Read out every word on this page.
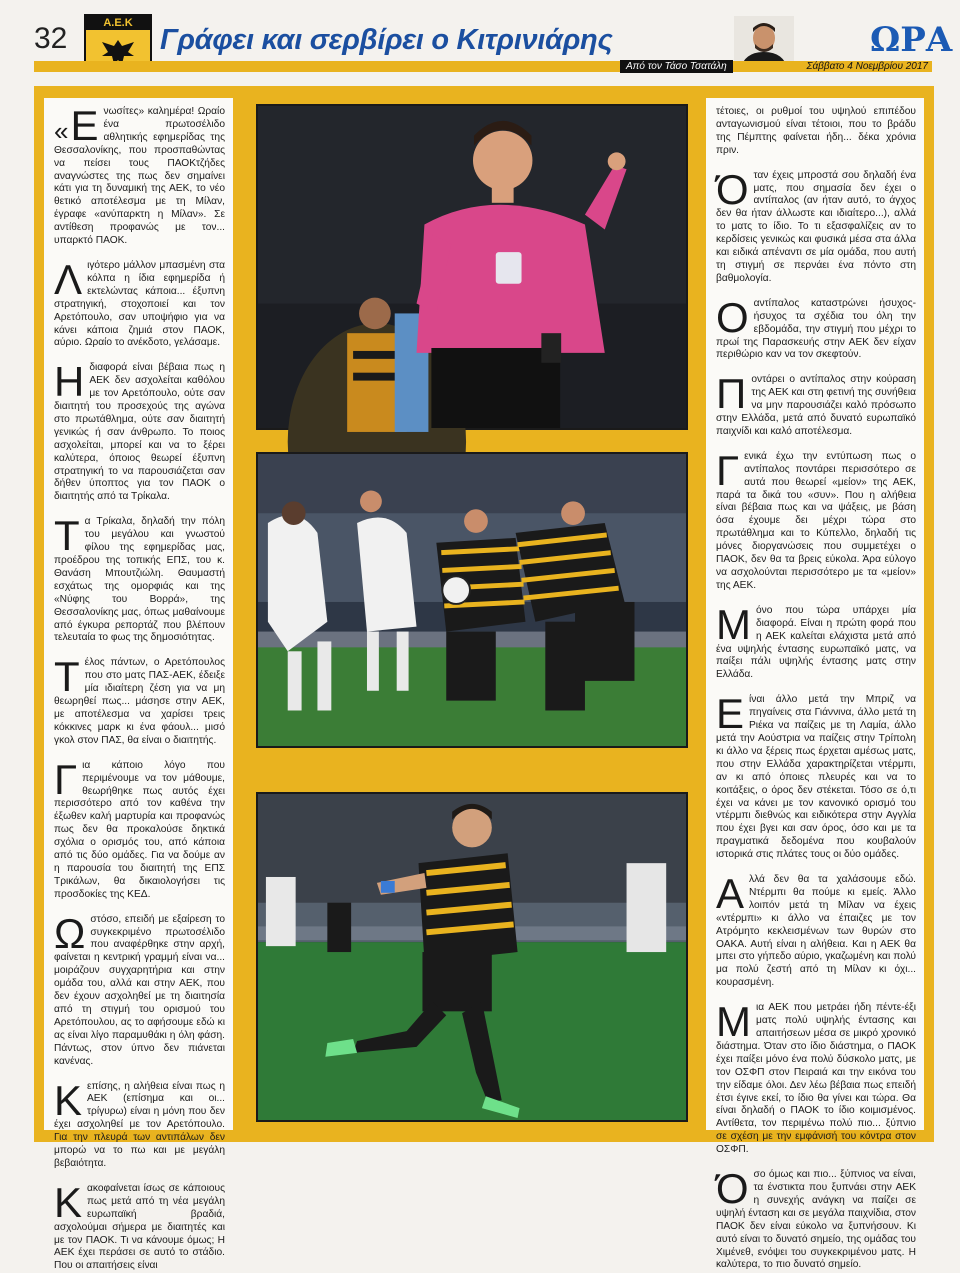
32	Α.Ε.Κ
Γράφει και σερβίρει ο Κιτρινιάρης	ΩΡΑ
Από τον Τάσο Τσατάλη	Σάββατο 4 Νοεμβρίου 2017

«Ε νωσίτες» καλημέρα! Ωραίο ένα πρωτοσέλιδο αθλητικής εφημερίδας της Θεσσαλονίκης, που προσπαθώντας να πείσει τους ΠΑΟΚτζήδες αναγνώστες της πως δεν σημαίνει κάτι για τη δυναμική της ΑΕΚ, το νέο θετικό αποτέλεσμα με τη Μίλαν, έγραφε «ανύπαρκτη η Μίλαν». Σε αντίθεση προφανώς με τον... υπαρκτό ΠΑΟΚ.

Λιγότερο μάλλον μπασμένη στα κόλπα η ίδια εφημερίδα ή εκτελώντας κάποια... έξυπνη στρατηγική, στοχοποιεί και τον Αρετόπουλο, σαν υποψήφιο για να κάνει κάποια ζημιά στον ΠΑΟΚ, αύριο. Ωραίο το ανέκδοτο, γελάσαμε.

Ηδιαφορά είναι βέβαια πως η ΑΕΚ δεν ασχολείται καθόλου με τον Αρετόπουλο, ούτε σαν διαιτητή του προσεχούς της αγώνα στο πρωτάθλημα, ούτε σαν διαιτητή γενικώς ή σαν άνθρωπο. Το ποιος ασχολείται, μπορεί και να το ξέρει καλύτερα, όποιος θεωρεί έξυπνη στρατηγική το να παρουσιάζεται σαν δήθεν ύποπτος για τον ΠΑΟΚ ο διαιτητής από τα Τρίκαλα.

Τα Τρίκαλα, δηλαδή την πόλη του μεγάλου και γνωστού φίλου της εφημερίδας μας, προέδρου της τοπικής ΕΠΣ, του κ. Θανάση Μπουτζιώλη. Θαυμαστή εσχάτως της ομορφιάς και της «Νύφης του Βορρά», της Θεσσαλονίκης μας, όπως μαθαίνουμε από έγκυρα ρεπορτάζ που βλέπουν τελευταία το φως της δημοσιότητας.

Τέλος πάντων, ο Αρετόπουλος που στο ματς ΠΑΣ-ΑΕΚ, έδειξε μία ιδιαίτερη ζέση για να μη θεωρηθεί πως... μάσησε στην ΑΕΚ, με αποτέλεσμα να χαρίσει τρεις κόκκινες μαρκ κι ένα φάουλ... μισό γκολ στον ΠΑΣ, θα είναι ο διαιτητής.

Για κάποιο λόγο που περιμένουμε να τον μάθουμε, θεωρήθηκε πως αυτός έχει περισσότερο από τον καθένα την έξωθεν καλή μαρτυρία και προφανώς πως δεν θα προκαλούσε δηκτικά σχόλια ο ορισμός του, από κάποια από τις δύο ομάδες. Για να δούμε αν η παρουσία του διαιτητή της ΕΠΣ Τρικάλων, θα δικαιολογήσει τις προσδοκίες της ΚΕΔ.

Ωστόσο, επειδή με εξαίρεση το συγκεκριμένο πρωτοσέλιδο που αναφέρθηκε στην αρχή, φαίνεται η κεντρική γραμμή είναι να... μοιράζουν συγχαρητήρια και στην ομάδα του, αλλά και στην ΑΕΚ, που δεν έχουν ασχοληθεί με τη διαιτησία από τη στιγμή του ορισμού του Αρετόπουλου, ας το αφήσουμε εδώ κι ας είναι λίγο παραμυθάκι η όλη φάση. Πάντως, στον ύπνο δεν πιάνεται κανένας.

Κεπίσης, η αλήθεια είναι πως η ΑΕΚ (επίσημα και οι... τρίγυρω) είναι η μόνη που δεν έχει ασχοληθεί με τον Αρετόπουλο. Για την πλευρά των αντιπάλων δεν μπορώ να το πω και με μεγάλη βεβαιότητα.

Κακοφαίνεται ίσως σε κάποιους πως μετά από τη νέα μεγάλη ευρωπαϊκή βραδιά, ασχολούμαι σήμερα με διαιτητές και με τον ΠΑΟΚ. Τι να κάνουμε όμως; Η ΑΕΚ έχει περάσει σε αυτό το στάδιο. Που οι απαιτήσεις είναι

τέτοιες, οι ρυθμοί του υψηλού επιπέδου ανταγωνισμού είναι τέτοιοι, που το βράδυ της Πέμπτης φαίνεται ήδη... δέκα χρόνια πριν.

Όταν έχεις μπροστά σου δηλαδή ένα ματς, που σημασία δεν έχει ο αντίπαλος (αν ήταν αυτό, το άγχος δεν θα ήταν άλλωστε και ιδιαίτερο...), αλλά το ματς το ίδιο. Το τι εξασφαλίζεις αν το κερδίσεις γενικώς και φυσικά μέσα στα άλλα και ειδικά απέναντι σε μία ομάδα, που αυτή τη στιγμή σε περνάει ένα πόντο στη βαθμολογία.

Οαντίπαλος καταστρώνει ήσυχος-ήσυχος τα σχέδια του όλη την εβδομάδα, την στιγμή που μέχρι το πρωί της Παρασκευής στην ΑΕΚ δεν είχαν περιθώριο καν να τον σκεφτούν.

Ποντάρει ο αντίπαλος στην κούραση της ΑΕΚ και στη φετινή της συνήθεια να μην παρουσιάζει καλό πρόσωπο στην Ελλάδα, μετά από δυνατό ευρωπαϊκό παιχνίδι και καλό αποτέλεσμα.

Γενικά έχω την εντύπωση πως ο αντίπαλος ποντάρει περισσότερο σε αυτά που θεωρεί «μείον» της ΑΕΚ, παρά τα δικά του «συν». Που η αλήθεια είναι βέβαια πως και να ψάξεις, με βάση όσα έχουμε δει μέχρι τώρα στο πρωτάθλημα και το Κύπελλο, δηλαδή τις μόνες διοργανώσεις που συμμετέχει ο ΠΑΟΚ, δεν θα τα βρεις εύκολα. Άρα εύλογο να ασχολούνται περισσότερο με τα «μείον» της ΑΕΚ.

Μόνο που τώρα υπάρχει μία διαφορά. Είναι η πρώτη φορά που η ΑΕΚ καλείται ελάχιστα μετά από ένα υψηλής έντασης ευρωπαϊκό ματς, να παίξει πάλι υψηλής έντασης ματς στην Ελλάδα.

Είναι άλλο μετά την Μπριζ να πηγαίνεις στα Γιάννινα, άλλο μετά τη Ριέκα να παίζεις με τη Λαμία, άλλο μετά την Αούστρια να παίζεις στην Τρίπολη κι άλλο να ξέρεις πως έρχεται αμέσως ματς, που στην Ελλάδα χαρακτηρίζεται ντέρμπι, αν κι από όποιες πλευρές και να το κοιτάξεις, ο όρος δεν στέκεται. Τόσο σε ό,τι έχει να κάνει με τον κανονικό ορισμό του ντέρμπι διεθνώς και ειδικότερα στην Αγγλία που έχει βγει και σαν όρος, όσο και με τα πραγματικά δεδομένα που κουβαλούν ιστορικά στις πλάτες τους οι δύο ομάδες.

Αλλά δεν θα τα χαλάσουμε εδώ. Ντέρμπι θα πούμε κι εμείς. Άλλο λοιπόν μετά τη Μίλαν να έχεις «ντέρμπι» κι άλλο να έπαιζες με τον Ατρόμητο κεκλεισμένων των θυρών στο ΟΑΚΑ. Αυτή είναι η αλήθεια. Και η ΑΕΚ θα μπει στο γήπεδο αύριο, γκαζωμένη και πολύ μα πολύ ζεστή από τη Μίλαν κι όχι... κουρασμένη.

Μια ΑΕΚ που μετράει ήδη πέντε-έξι ματς πολύ υψηλής έντασης και απαιτήσεων μέσα σε μικρό χρονικό διάστημα. Όταν στο ίδιο διάστημα, ο ΠΑΟΚ έχει παίξει μόνο ένα πολύ δύσκολο ματς, με τον ΟΣΦΠ στον Πειραιά και την εικόνα του την είδαμε όλοι. Δεν λέω βέβαια πως επειδή έτσι έγινε εκεί, το ίδιο θα γίνει και τώρα. Θα είναι δηλαδή ο ΠΑΟΚ το ίδιο κοιμισμένος. Αντίθετα, τον περιμένω πολύ πιο... ξύπνιο σε σχέση με την εμφάνισή του κόντρα στον ΟΣΦΠ.

Όσο όμως και πιο... ξύπνιος να είναι, τα ένστικτα που ξυπνάει στην ΑΕΚ η συνεχής ανάγκη να παίζει σε υψηλή ένταση και σε μεγάλα παιχνίδια, στον ΠΑΟΚ δεν είναι εύκολο να ξυπνήσουν. Κι αυτό είναι το δυνατό σημείο, της ομάδας του Χιμένεθ, ενόψει του συγκεκριμένου ματς. Η καλύτερα, το πιο δυνατό σημείο.
